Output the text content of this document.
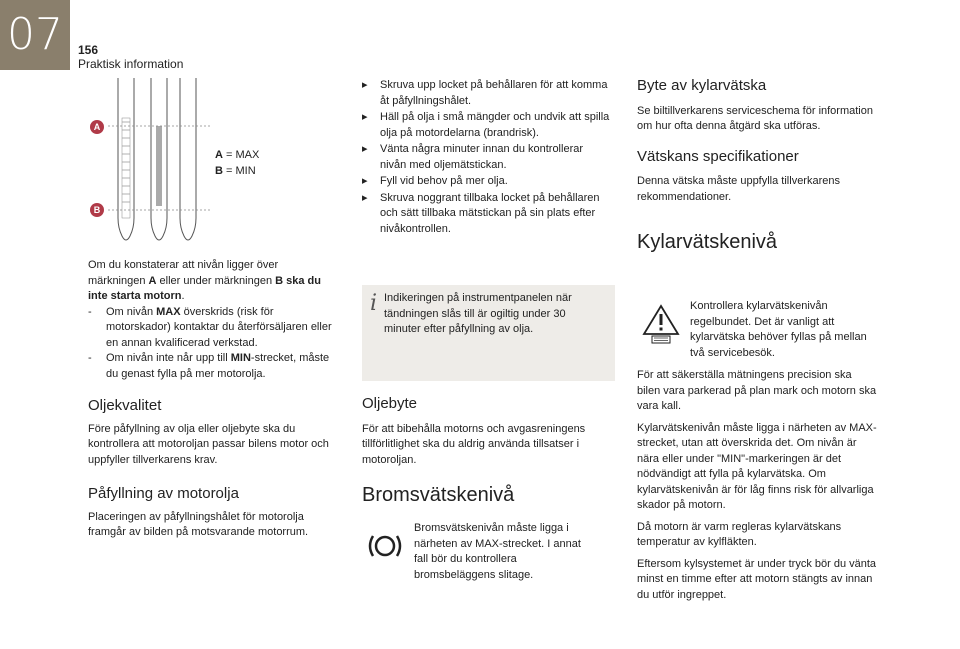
07	156
Praktisk information
A
B
A = MAX
B = MIN

Om du konstaterar att nivån ligger över märkningen A eller under märkningen B ska du inte starta motorn.

- Om nivån MAX överskrids (risk för motorskador) kontaktar du återförsäljaren eller en annan kvalificerad verkstad.
- Om nivån inte når upp till MIN-strecket, måste du genast fylla på mer motorolja.
Oljekvalitet

Före påfyllning av olja eller oljebyte ska du kontrollera att motoroljan passar bilens motor och uppfyller tillverkarens krav.

Påfyllning av motorolja

Placeringen av påfyllningshålet för motorolja framgår av bilden på motsvarande motorrum.

▸ Skruva upp locket på behållaren för att komma åt påfyllningshålet.
▸ Häll på olja i små mängder och undvik att spilla olja på motordelarna (brandrisk).
▸ Vänta några minuter innan du kontrollerar nivån med oljemätstickan.
▸ Fyll vid behov på mer olja.
▸ Skruva noggrant tillbaka locket på behållaren och sätt tillbaka mätstickan på sin plats efter nivåkontrollen.
i Indikeringen på instrumentpanelen när tändningen slås till är ogiltig under 30 minuter efter påfyllning av olja.
Oljebyte

För att bibehålla motorns och avgasreningens tillförlitlighet ska du aldrig använda tillsatser i motoroljan.

Bromsvätskenivå
Bromsvätskenivån måste ligga i närheten av MAX-strecket. I annat fall bör du kontrollera bromsbeläggens slitage.
Byte av kylarvätska

Se biltillverkarens serviceschema för information om hur ofta denna åtgärd ska utföras.

Vätskans specifikationer

Denna vätska måste uppfylla tillverkarens rekommendationer.

Kylarvätskenivå
Kontrollera kylarvätskenivån regelbundet. Det är vanligt att kylarvätska behöver fyllas på mellan två servicebesök.

För att säkerställa mätningens precision ska bilen vara parkerad på plan mark och motorn ska vara kall.

Kylarvätskenivån måste ligga i närheten av MAX-strecket, utan att överskrida det. Om nivån är nära eller under "MIN"-markeringen är det nödvändigt att fylla på kylarvätska. Om kylarvätskenivån är för låg finns risk för allvarliga skador på motorn.

Då motorn är varm regleras kylarvätskans temperatur av kylfläkten.

Eftersom kylsystemet är under tryck bör du vänta minst en timme efter att motorn stängts av innan du utför ingreppet.
